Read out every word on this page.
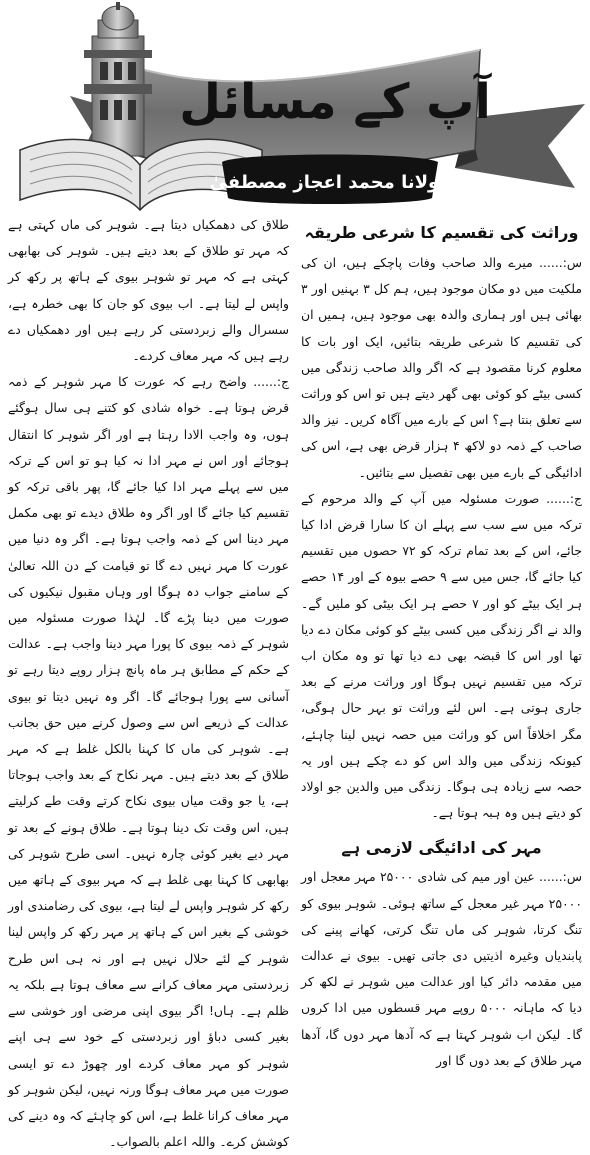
آپ کے مسائل
مولانا محمد اعجاز مصطفیٰ

طلاق کی دھمکیاں دیتا ہے۔ شوہر کی ماں کہتی ہے کہ مہر تو طلاق کے بعد دیتے ہیں۔ شوہر کی بھابھی کہتی ہے کہ مہر تو شوہر بیوی کے ہاتھ پر رکھ کر واپس لے لیتا ہے۔ اب بیوی کو جان کا بھی خطرہ ہے، سسرال والے زبردستی کر رہے ہیں اور دھمکیاں دے رہے ہیں کہ مہر معاف کردے۔

ج:...... واضح رہے کہ عورت کا مہر شوہر کے ذمہ قرض ہوتا ہے۔ خواہ شادی کو کتنے ہی سال ہوگئے ہوں، وہ واجب الادا رہتا ہے اور اگر شوہر کا انتقال ہوجائے اور اس نے مہر ادا نہ کیا ہو تو اس کے ترکہ میں سے پہلے مہر ادا کیا جائے گا، پھر باقی ترکہ کو تقسیم کیا جائے گا اور اگر وہ طلاق دیدے تو بھی مکمل مہر دینا اس کے ذمہ واجب ہوتا ہے۔ اگر وہ دنیا میں عورت کا مہر نہیں دے گا تو قیامت کے دن اللہ تعالیٰ کے سامنے جواب دہ ہوگا اور وہاں مقبول نیکیوں کی صورت میں دینا پڑے گا۔ لہٰذا صورت مسئولہ میں شوہر کے ذمہ بیوی کا پورا مہر دینا واجب ہے۔ عدالت کے حکم کے مطابق ہر ماہ پانچ ہزار روپے دیتا رہے تو آسانی سے پورا ہوجائے گا۔ اگر وہ نہیں دیتا تو بیوی عدالت کے ذریعے اس سے وصول کرنے میں حق بجانب ہے۔ شوہر کی ماں کا کہنا بالکل غلط ہے کہ مہر طلاق کے بعد دیتے ہیں۔ مہر نکاح کے بعد واجب ہوجاتا ہے، یا جو وقت میاں بیوی نکاح کرتے وقت طے کرلیتے ہیں، اس وقت تک دینا ہوتا ہے۔ طلاق ہونے کے بعد تو مہر دیے بغیر کوئی چارہ نہیں۔ اسی طرح شوہر کی بھابھی کا کہنا بھی غلط ہے کہ مہر بیوی کے ہاتھ میں رکھ کر شوہر واپس لے لیتا ہے، بیوی کی رضامندی اور خوشی کے بغیر اس کے ہاتھ پر مہر رکھ کر واپس لینا شوہر کے لئے حلال نہیں ہے اور نہ ہی اس طرح زبردستی مہر معاف کرانے سے معاف ہوتا ہے بلکہ یہ ظلم ہے۔ ہاں! اگر بیوی اپنی مرضی اور خوشی سے بغیر کسی دباؤ اور زبردستی کے خود سے ہی اپنے شوہر کو مہر معاف کردے اور چھوڑ دے تو ایسی صورت میں مہر معاف ہوگا ورنہ نہیں، لیکن شوہر کو مہر معاف کرانا غلط ہے، اس کو چاہئے کہ وہ دینے کی کوشش کرے۔ واللہ اعلم بالصواب۔

وراثت کی تقسیم کا شرعی طریقہ

س:...... میرے والد صاحب وفات پاچکے ہیں، ان کی ملکیت میں دو مکان موجود ہیں، ہم کل ۳ بہنیں اور ۳ بھائی ہیں اور ہماری والدہ بھی موجود ہیں، ہمیں ان کی تقسیم کا شرعی طریقہ بتائیں، ایک اور بات کا معلوم کرنا مقصود ہے کہ اگر والد صاحب زندگی میں کسی بیٹے کو کوئی بھی گھر دیتے ہیں تو اس کو وراثت سے تعلق بنتا ہے؟ اس کے بارے میں آگاہ کریں۔ نیز والد صاحب کے ذمہ دو لاکھ ۴ ہزار قرض بھی ہے، اس کی ادائیگی کے بارے میں بھی تفصیل سے بتائیں۔

ج:...... صورت مسئولہ میں آپ کے والد مرحوم کے ترکہ میں سے سب سے پہلے ان کا سارا قرض ادا کیا جائے، اس کے بعد تمام ترکہ کو ۷۲ حصوں میں تقسیم کیا جائے گا، جس میں سے ۹ حصے بیوہ کے اور ۱۴ حصے ہر ایک بیٹے کو اور ۷ حصے ہر ایک بیٹی کو ملیں گے۔ والد نے اگر زندگی میں کسی بیٹے کو کوئی مکان دے دیا تھا اور اس کا قبضہ بھی دے دیا تھا تو وہ مکان اب ترکہ میں تقسیم نہیں ہوگا اور وراثت مرنے کے بعد جاری ہوتی ہے۔ اس لئے وراثت تو بہر حال ہوگی، مگر اخلاقاً اس کو وراثت میں حصہ نہیں لینا چاہئے، کیونکہ زندگی میں والد اس کو دے چکے ہیں اور یہ حصہ سے زیادہ ہی ہوگا۔ زندگی میں والدین جو اولاد کو دیتے ہیں وہ ہبہ ہوتا ہے۔

مہر کی ادائیگی لازمی ہے

س:...... عین اور میم کی شادی ۲۵۰۰۰ مہر معجل اور ۲۵۰۰۰ مہر غیر معجل کے ساتھ ہوئی۔ شوہر بیوی کو تنگ کرتا، شوہر کی ماں تنگ کرتی، کھانے پینے کی پابندیاں وغیرہ اذیتیں دی جاتی تھیں۔ بیوی نے عدالت میں مقدمہ دائر کیا اور عدالت میں شوہر نے لکھ کر دیا کہ ماہانہ ۵۰۰۰ روپے مہر قسطوں میں ادا کروں گا۔ لیکن اب شوہر کہتا ہے کہ آدھا مہر دوں گا، آدھا مہر طلاق کے بعد دوں گا اور
